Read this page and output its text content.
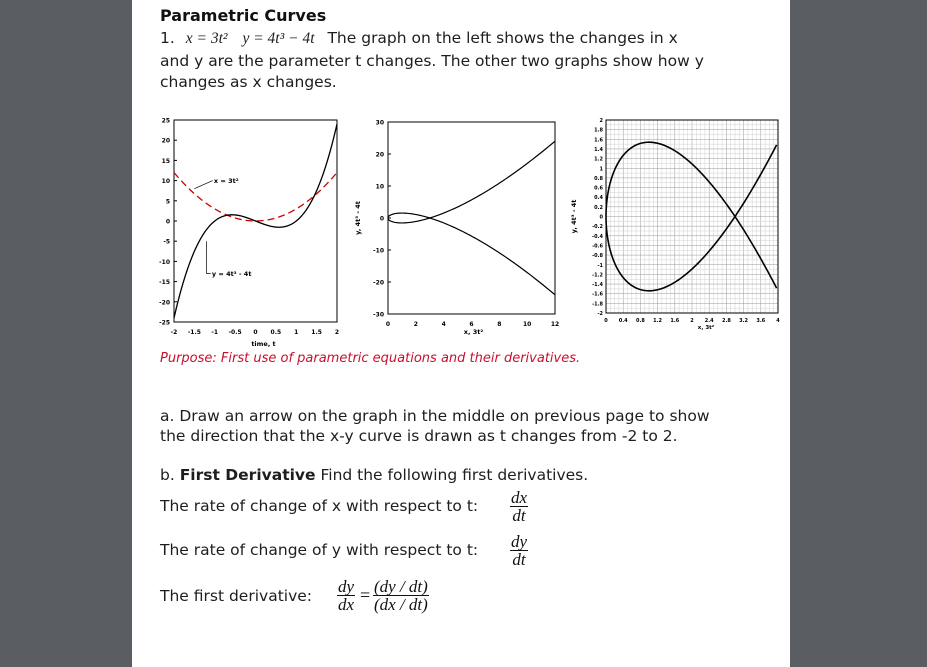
Parametric Curves
1. x = 3t² y = 4t³ − 4t The graph on the left shows the changes in x
and y are the parameter t changes. The other two graphs show how y
changes as x changes.
25
20
15
10
5
0
-5
-10
-15
-20
-25
-2 -1.5 -1 -0.5 0 0.5 1 1.5 2
time, t
x = 3t²
y = 4t³ - 4t
30
20
10
0
-10
-20
-30
0	2	4	6	8	10	12
x, 3t²
y, 4t³ - 4t
2
1.8
1.6
1.4
1.2
1
0.8
0.6
0.4
0.2
0
-0.2
-0.4
-0.6
-0.8
-1
-1.2
-1.4
-1.6
-1.8
-2
0 0.4 0.8 1.2 1.6 2 2.4 2.8 3.2 3.6 4
x, 3t²
y, 4t³ - 4t
Purpose: First use of parametric equations and their derivatives.
a. Draw an arrow on the graph in the middle on previous page to show
the direction that the x-y curve is drawn as t changes from -2 to 2.
b. First Derivative Find the following first derivatives.
The rate of change of x with respect to t: $\frac{dx}{dt}$
The rate of change of y with respect to t: $\frac{dy}{dt}$
The first derivative: $\frac{dy}{dx} = \frac{(dy / dt)}{(dx / dt)}$
